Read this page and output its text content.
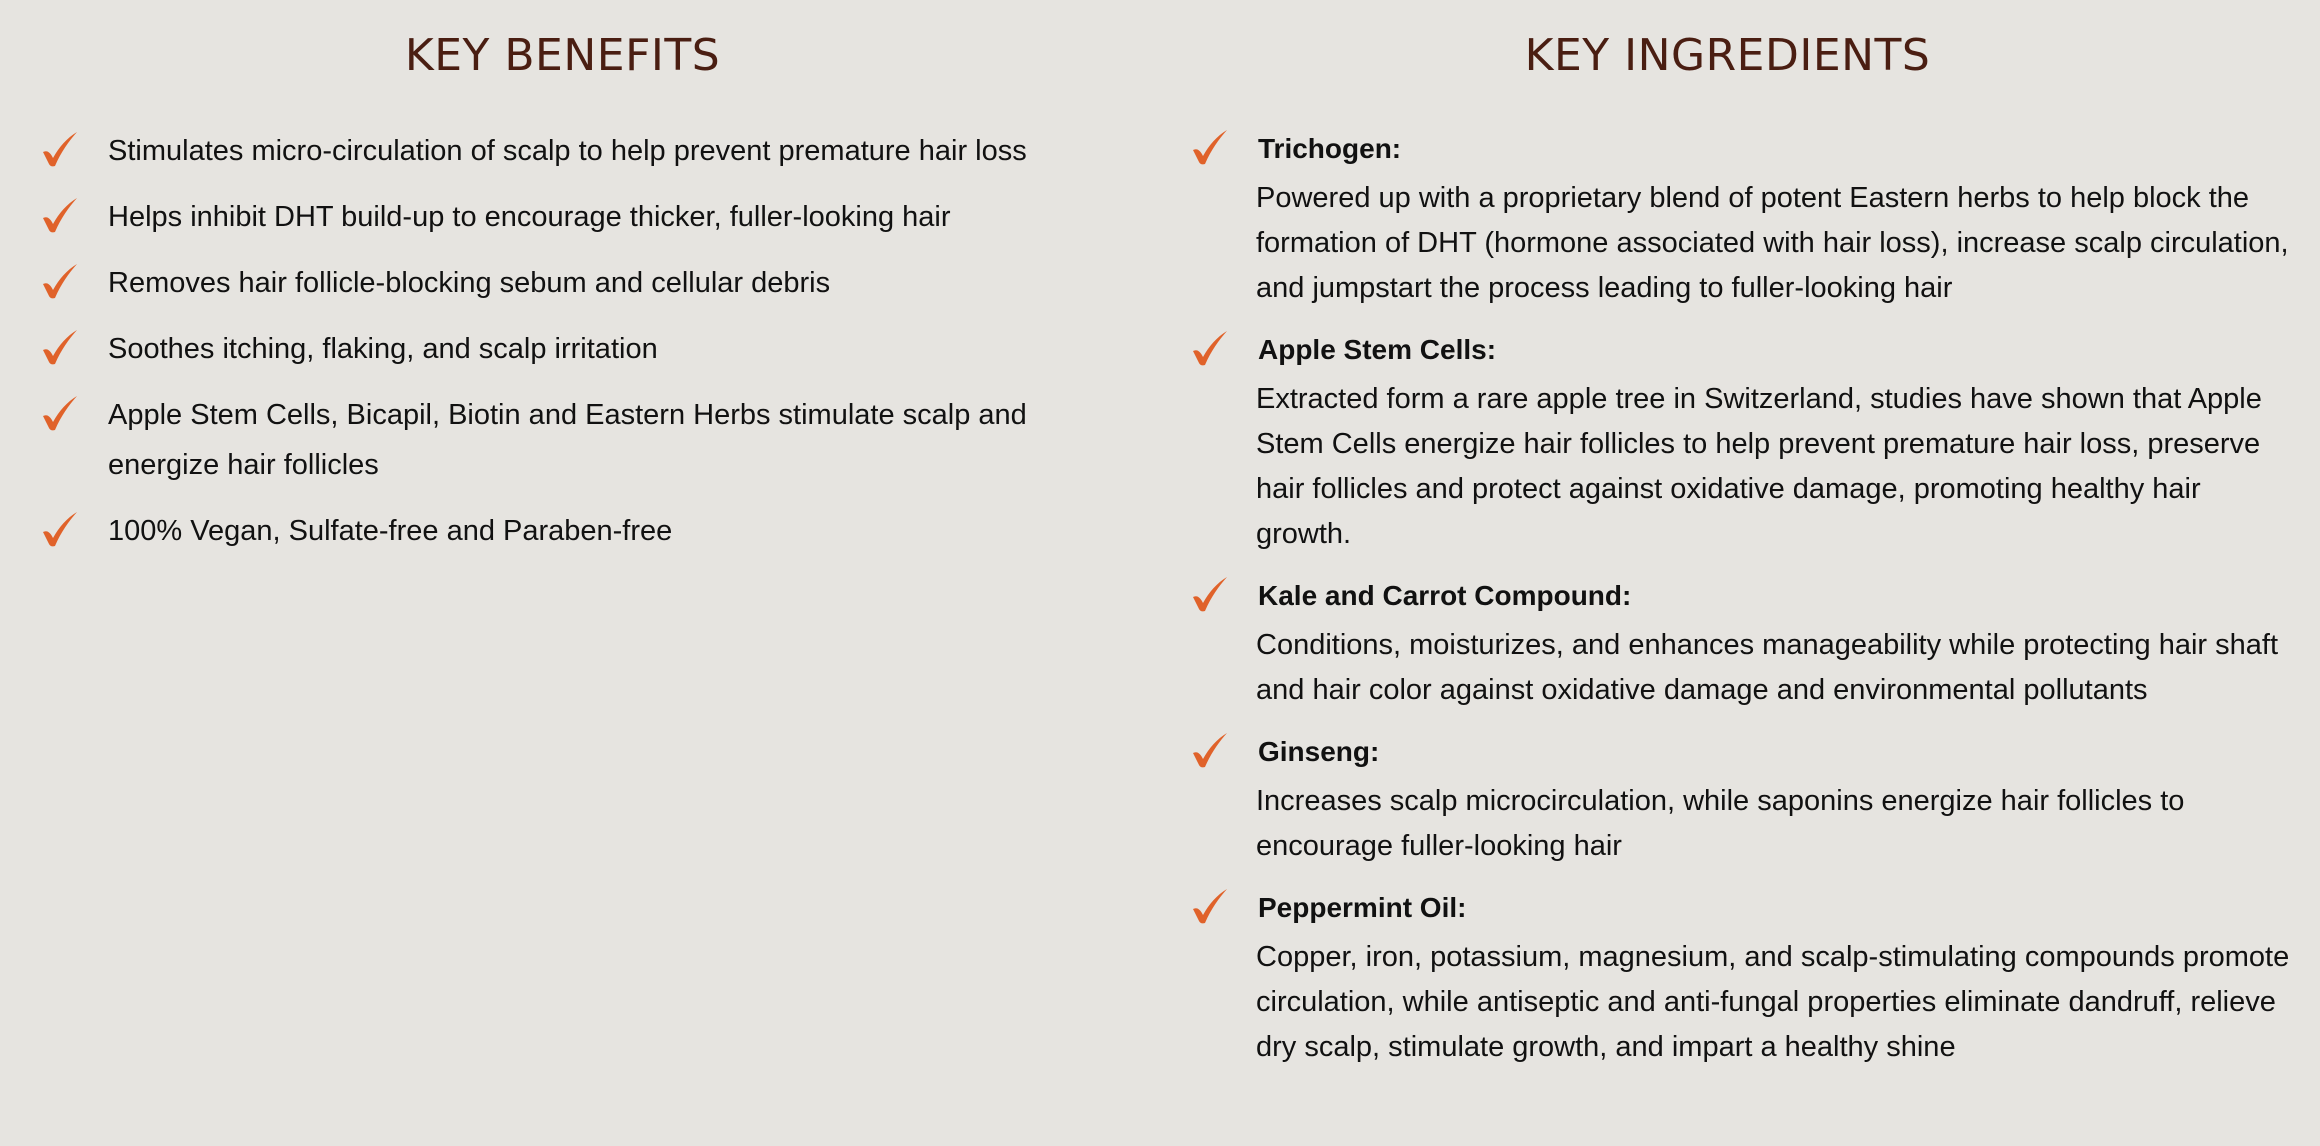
KEY BENEFITS
Stimulates micro-circulation of scalp to help prevent premature hair loss
Helps inhibit DHT build-up to encourage thicker, fuller-looking hair
Removes hair follicle-blocking sebum and cellular debris
Soothes itching, flaking, and scalp irritation
Apple Stem Cells, Bicapil, Biotin and Eastern Herbs stimulate scalp and energize hair follicles
100% Vegan, Sulfate-free and Paraben-free
KEY INGREDIENTS
Trichogen:
Powered up with a proprietary blend of potent Eastern herbs to help block the formation of DHT (hormone associated with hair loss), increase scalp circulation, and jumpstart the process leading to fuller-looking hair
Apple Stem Cells:
Extracted form a rare apple tree in Switzerland, studies have shown that Apple Stem Cells energize hair follicles to help prevent premature hair loss, preserve hair follicles and protect against oxidative damage, promoting healthy hair growth.
Kale and Carrot Compound:
Conditions, moisturizes, and enhances manageability while protecting hair shaft and hair color against oxidative damage and environmental pollutants
Ginseng:
Increases scalp microcirculation, while saponins energize hair follicles to encourage fuller-looking hair
Peppermint Oil:
Copper, iron, potassium, magnesium, and scalp-stimulating compounds promote circulation, while antiseptic and anti-fungal properties eliminate dandruff, relieve dry scalp, stimulate growth, and impart a healthy shine
